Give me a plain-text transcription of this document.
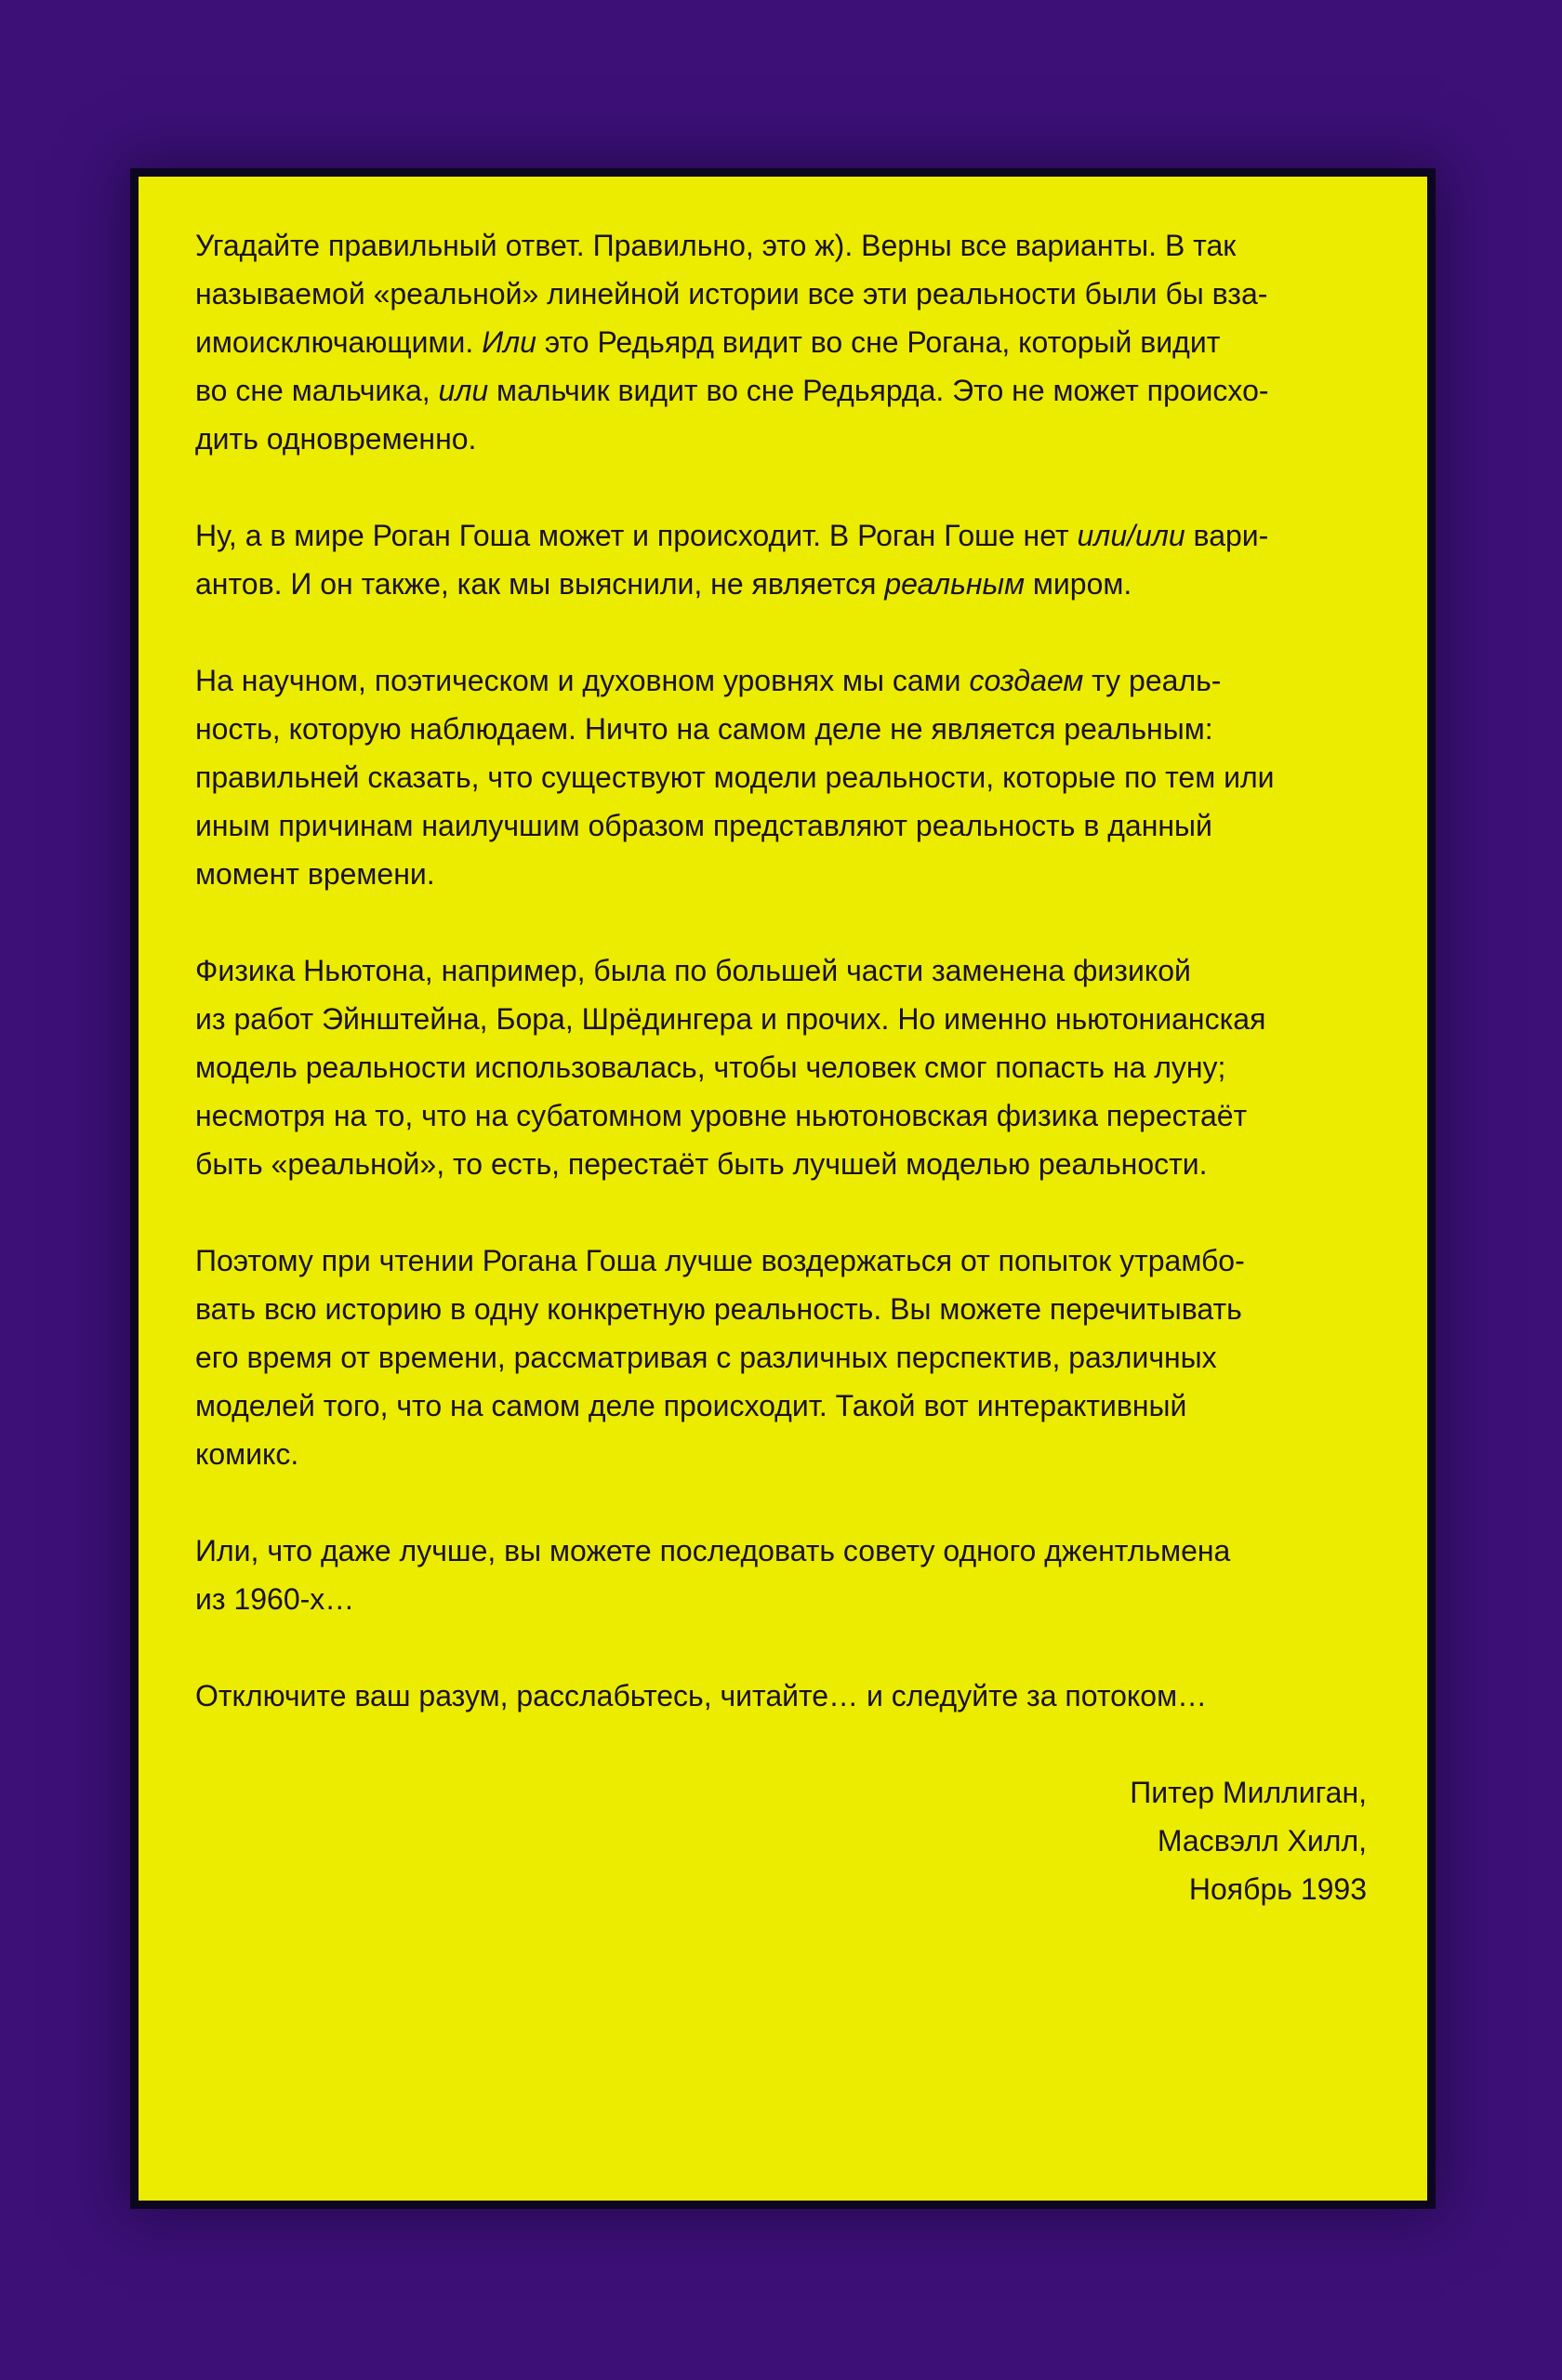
Угадайте правильный ответ. Правильно, это ж). Верны все варианты. В так
называемой «реальной» линейной истории все эти реальности были бы вза-
имоисключающими. Или это Редьярд видит во сне Рогана, который видит
во сне мальчика, или мальчик видит во сне Редьярда. Это не может происхо-
дить одновременно.
Ну, а в мире Роган Гоша может и происходит. В Роган Гоше нет или/или вари-
антов. И он также, как мы выяснили, не является реальным миром.
На научном, поэтическом и духовном уровнях мы сами создаем ту реаль-
ность, которую наблюдаем. Ничто на самом деле не является реальным:
правильней сказать, что существуют модели реальности, которые по тем или
иным причинам наилучшим образом представляют реальность в данный
момент времени.
Физика Ньютона, например, была по большей части заменена физикой
из работ Эйнштейна, Бора, Шрёдингера и прочих. Но именно ньютонианская
модель реальности использовалась, чтобы человек смог попасть на луну;
несмотря на то, что на субатомном уровне ньютоновская физика перестаёт
быть «реальной», то есть, перестаёт быть лучшей моделью реальности.
Поэтому при чтении Рогана Гоша лучше воздержаться от попыток утрамбо-
вать всю историю в одну конкретную реальность. Вы можете перечитывать
его время от времени, рассматривая с различных перспектив, различных
моделей того, что на самом деле происходит. Такой вот интерактивный
комикс.
Или, что даже лучше, вы можете последовать совету одного джентльмена
из 1960-х…
Отключите ваш разум, расслабьтесь, читайте… и следуйте за потоком…
Питер Миллиган,
Масвэлл Хилл,
Ноябрь 1993
